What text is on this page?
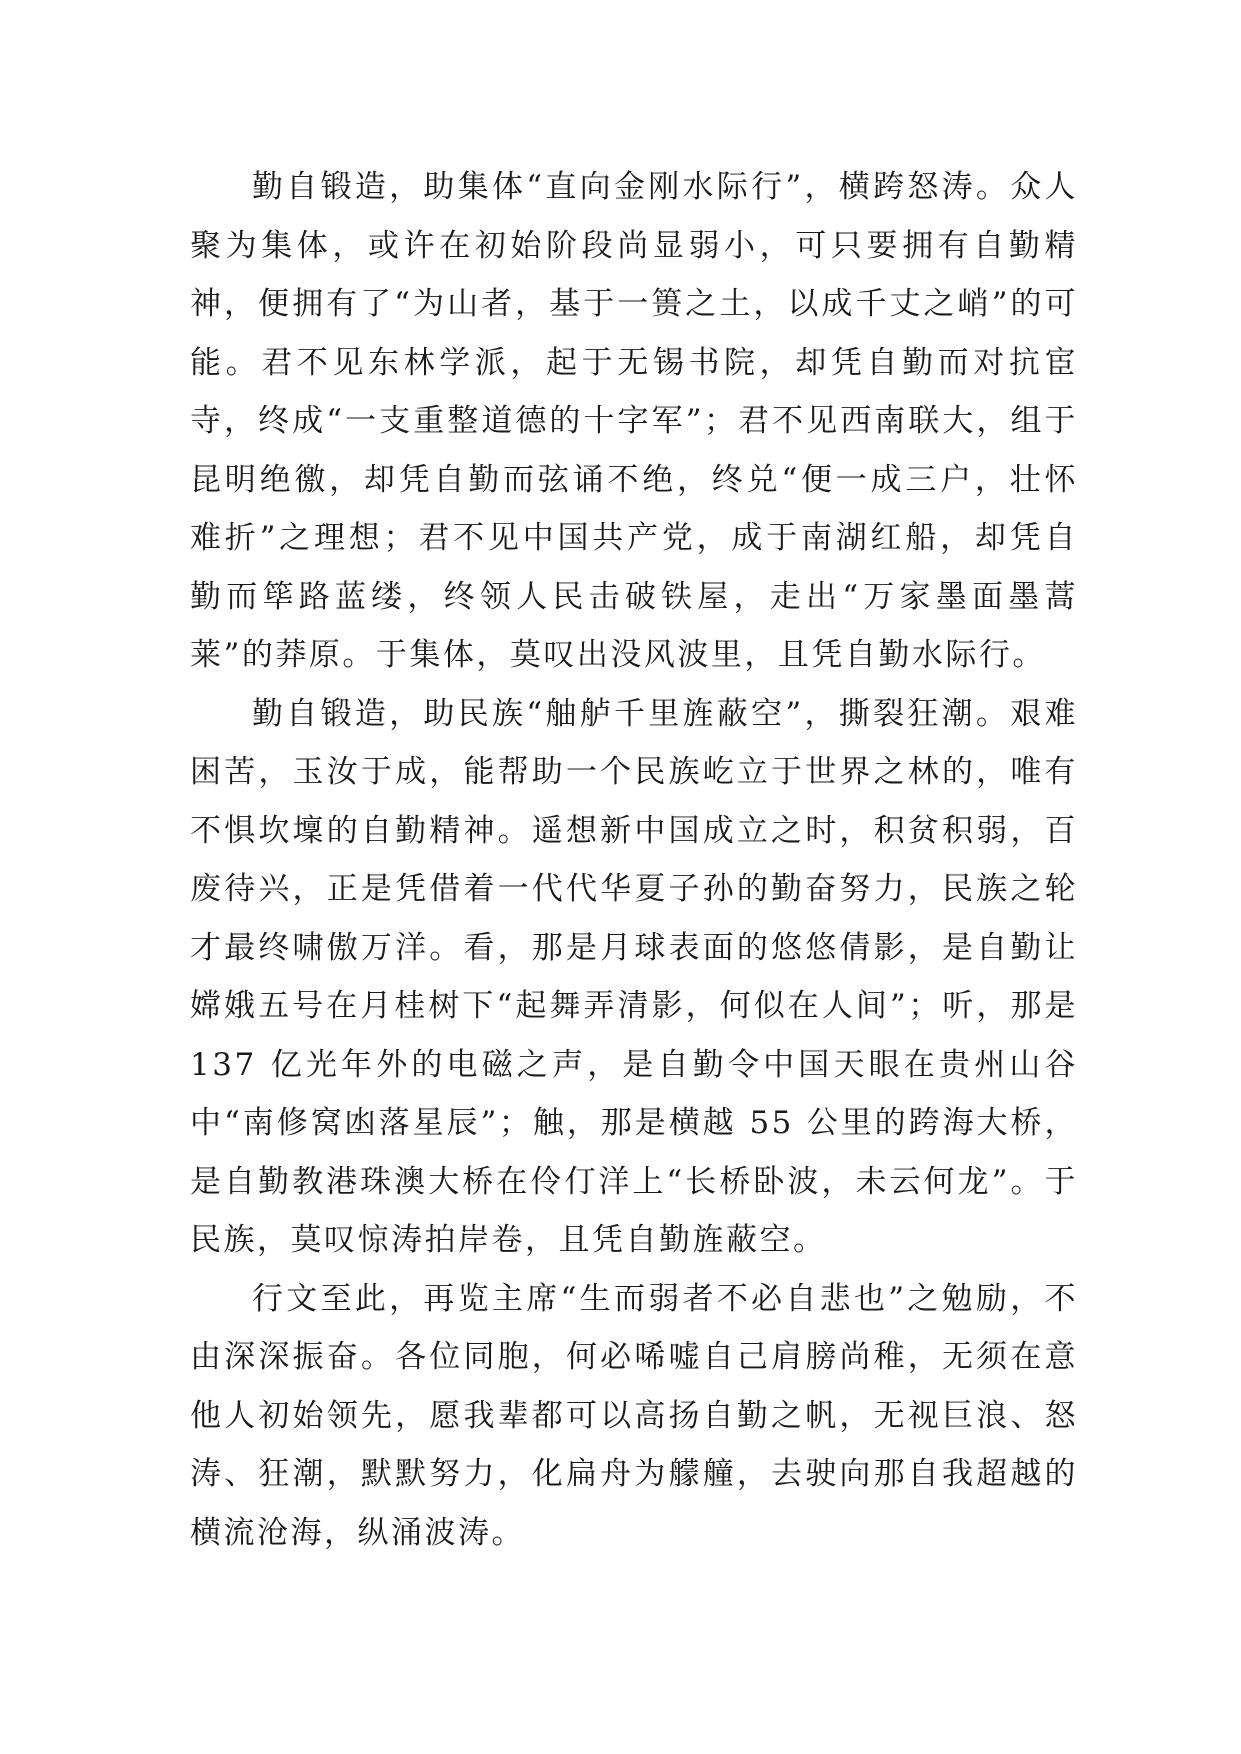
勤自锻造，助集体“直向金刚水际行”，横跨怒涛。众人聚为集体，或许在初始阶段尚显弱小，可只要拥有自勤精神，便拥有了“为山者，基于一篑之土，以成千丈之峭”的可能。君不见东林学派，起于无锡书院，却凭自勤而对抗宦寺，终成“一支重整道德的十字军”；君不见西南联大，组于昆明绝徼，却凭自勤而弦诵不绝，终兑“便一成三户，壮怀难折”之理想；君不见中国共产党，成于南湖红船，却凭自勤而筚路蓝缕，终领人民击破铁屋，走出“万家墨面墨蒿莱”的莽原。于集体，莫叹出没风波里，且凭自勤水际行。

勤自锻造，助民族“舳舻千里旌蔽空”，撕裂狂潮。艰难困苦，玉汝于成，能帮助一个民族屹立于世界之林的，唯有不惧坎壈的自勤精神。遥想新中国成立之时，积贫积弱，百废待兴，正是凭借着一代代华夏子孙的勤奋努力，民族之轮才最终啸傲万洋。看，那是月球表面的悠悠倩影，是自勤让嫦娥五号在月桂树下“起舞弄清影，何似在人间”；听，那是 137 亿光年外的电磁之声，是自勤令中国天眼在贵州山谷中“南修窝凼落星辰”；触，那是横越 55 公里的跨海大桥，是自勤教港珠澳大桥在伶仃洋上“长桥卧波，未云何龙”。于民族，莫叹惊涛拍岸卷，且凭自勤旌蔽空。

行文至此，再览主席“生而弱者不必自悲也”之勉励，不由深深振奋。各位同胞，何必唏嘘自己肩膀尚稚，无须在意他人初始领先，愿我辈都可以高扬自勤之帆，无视巨浪、怒涛、狂潮，默默努力，化扁舟为艨艟，去驶向那自我超越的横流沧海，纵涌波涛。
